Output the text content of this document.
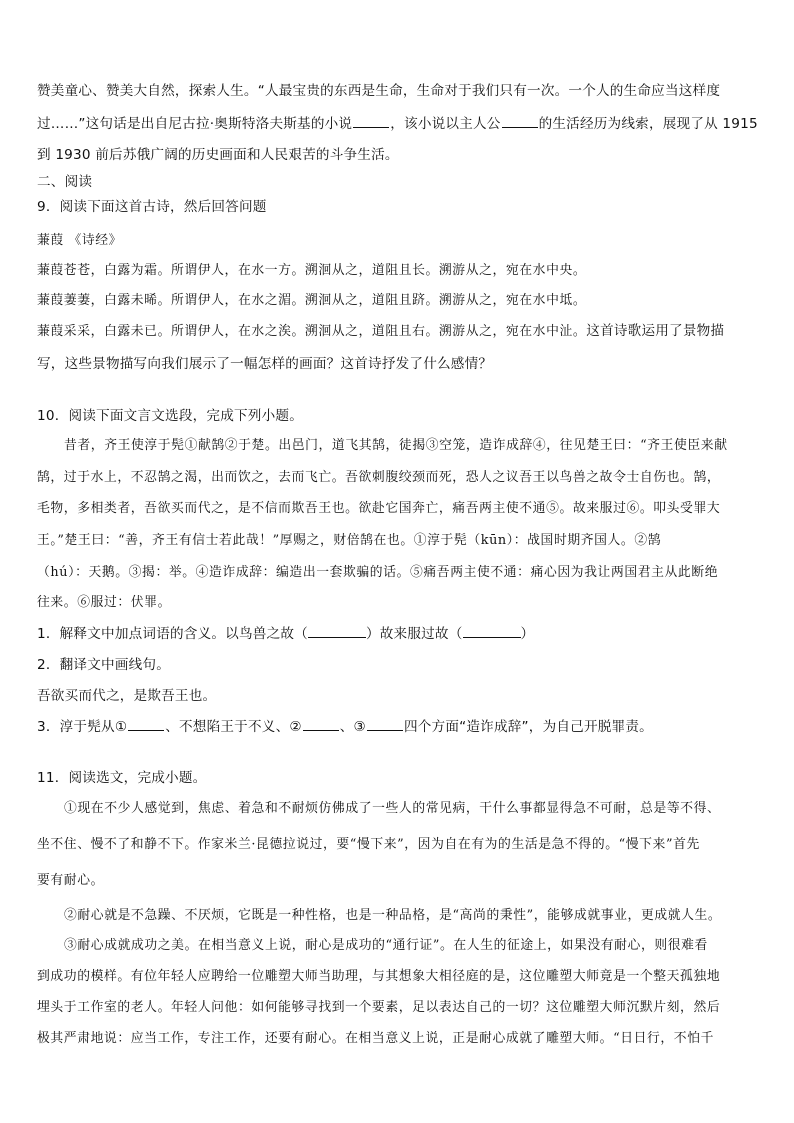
赞美童心、赞美大自然，探索人生。“人最宝贵的东西是生命，生命对于我们只有一次。一个人的生命应当这样度
过……”这句话是出自尼古拉·奥斯特洛夫斯基的小说	，该小说以主人公	的生活经历为线索，展现了从 1915
到 1930 前后苏俄广阔的历史画面和人民艰苦的斗争生活。
二、阅读
9．阅读下面这首古诗，然后回答问题
蒹葭 《诗经》
蒹葭苍苍，白露为霜。所谓伊人，在水一方。溯洄从之，道阻且长。溯游从之，宛在水中央。
蒹葭萋萋，白露未晞。所谓伊人，在水之湄。溯洄从之，道阻且跻。溯游从之，宛在水中坻。
蒹葭采采，白露未已。所谓伊人，在水之涘。溯洄从之，道阻且右。溯游从之，宛在水中沚。这首诗歌运用了景物描
写，这些景物描写向我们展示了一幅怎样的画面？这首诗抒发了什么感情？
10．阅读下面文言文选段，完成下列小题。
昔者，齐王使淳于髡①献鹄②于楚。出邑门，道飞其鹄，徒揭③空笼，造诈成辞④，往见楚王曰：“齐王使臣来献
鹄，过于水上，不忍鹄之渴，出而饮之，去而飞亡。吾欲刺腹绞颈而死，恐人之议吾王以鸟兽之故令士自伤也。鹄，
毛物，多相类者，吾欲买而代之，是不信而欺吾王也。欲赴它国奔亡，痛吾两主使不通⑤。故来服过⑥。叩头受罪大
王。”楚王曰：“善，齐王有信士若此哉！”厚赐之，财倍鹄在也。①淳于髡（kūn）：战国时期齐国人。②鹄
（hú）：天鹅。③揭：举。④造诈成辞：编造出一套欺骗的话。⑤痛吾两主使不通：痛心因为我让两国君主从此断绝
往来。⑥服过：伏罪。
1．解释文中加点词语的含义。以鸟兽之故（	）故来服过故（	）
2．翻译文中画线句。
吾欲买而代之，是欺吾王也。
3．淳于髡从①	、不想陷王于不义、②	、③	四个方面“造诈成辞”，为自己开脱罪责。
11．阅读选文，完成小题。
①现在不少人感觉到，焦虑、着急和不耐烦仿佛成了一些人的常见病，干什么事都显得急不可耐，总是等不得、
坐不住、慢不了和静不下。作家米兰·昆德拉说过，要“慢下来”，因为自在有为的生活是急不得的。“慢下来”首先
要有耐心。
②耐心就是不急躁、不厌烦，它既是一种性格，也是一种品格，是“高尚的秉性”，能够成就事业，更成就人生。
③耐心成就成功之美。在相当意义上说，耐心是成功的“通行证”。在人生的征途上，如果没有耐心，则很难看
到成功的模样。有位年轻人应聘给一位雕塑大师当助理，与其想象大相径庭的是，这位雕塑大师竟是一个整天孤独地
埋头于工作室的老人。年轻人问他：如何能够寻找到一个要素，足以表达自己的一切？这位雕塑大师沉默片刻，然后
极其严肃地说：应当工作，专注工作，还要有耐心。在相当意义上说，正是耐心成就了雕塑大师。“日日行，不怕千
